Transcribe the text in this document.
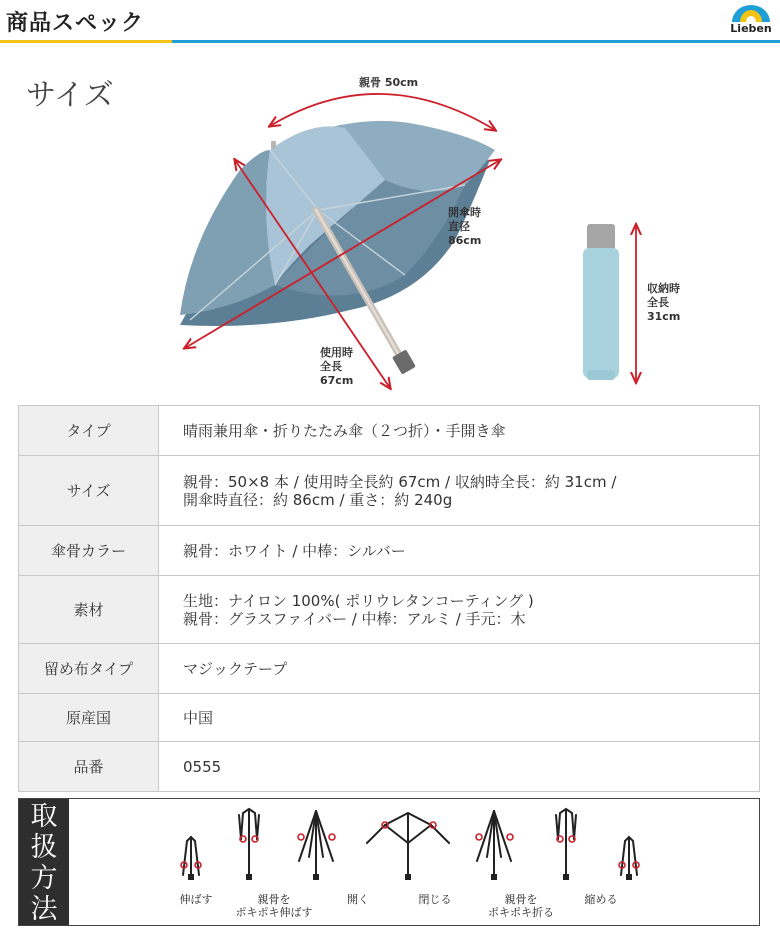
商品スペック	Lieben
サイズ	親骨 50cm
開傘時
直径
86cm
使用時
全長
67cm
収納時
全長
31cm
タイプ	晴雨兼用傘・折りたたみ傘（２つ折）・手開き傘
サイズ	親骨：50×8 本 / 使用時全長約 67cm / 収納時全長：約 31cm /
開傘時直径：約 86cm / 重さ：約 240g
傘骨カラー	親骨：ホワイト / 中棒：シルバー
素材	生地：ナイロン 100%( ポリウレタンコーティング )
親骨：グラスファイバー / 中棒：アルミ / 手元：木
留め布タイプ	マジックテープ
原産国	中国
品番	0555
取
扱
方
法	伸ばす	親骨を
ポキポキ伸ばす
開く	閉じる	親骨を
ポキポキ折る
縮める
